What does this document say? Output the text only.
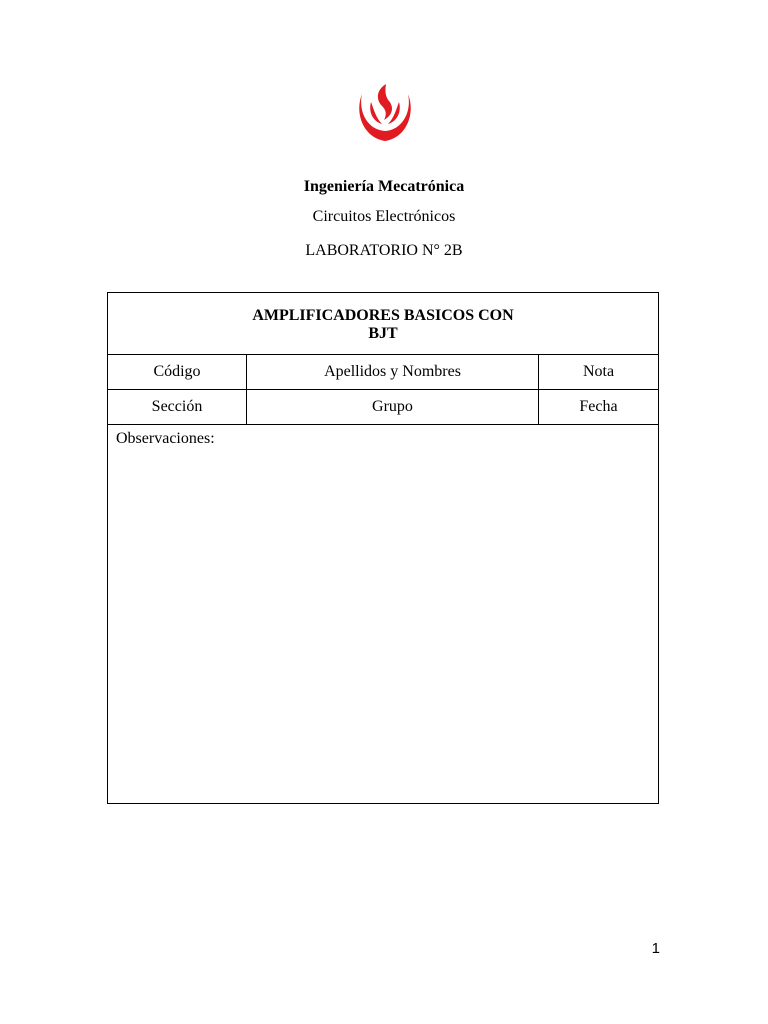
Ingeniería Mecatrónica
Circuitos Electrónicos
LABORATORIO N° 2B
AMPLIFICADORES BASICOS CON BJT		
Código	Apellidos y Nombres	Nota
Sección	Grupo	Fecha
Observaciones:		
1
